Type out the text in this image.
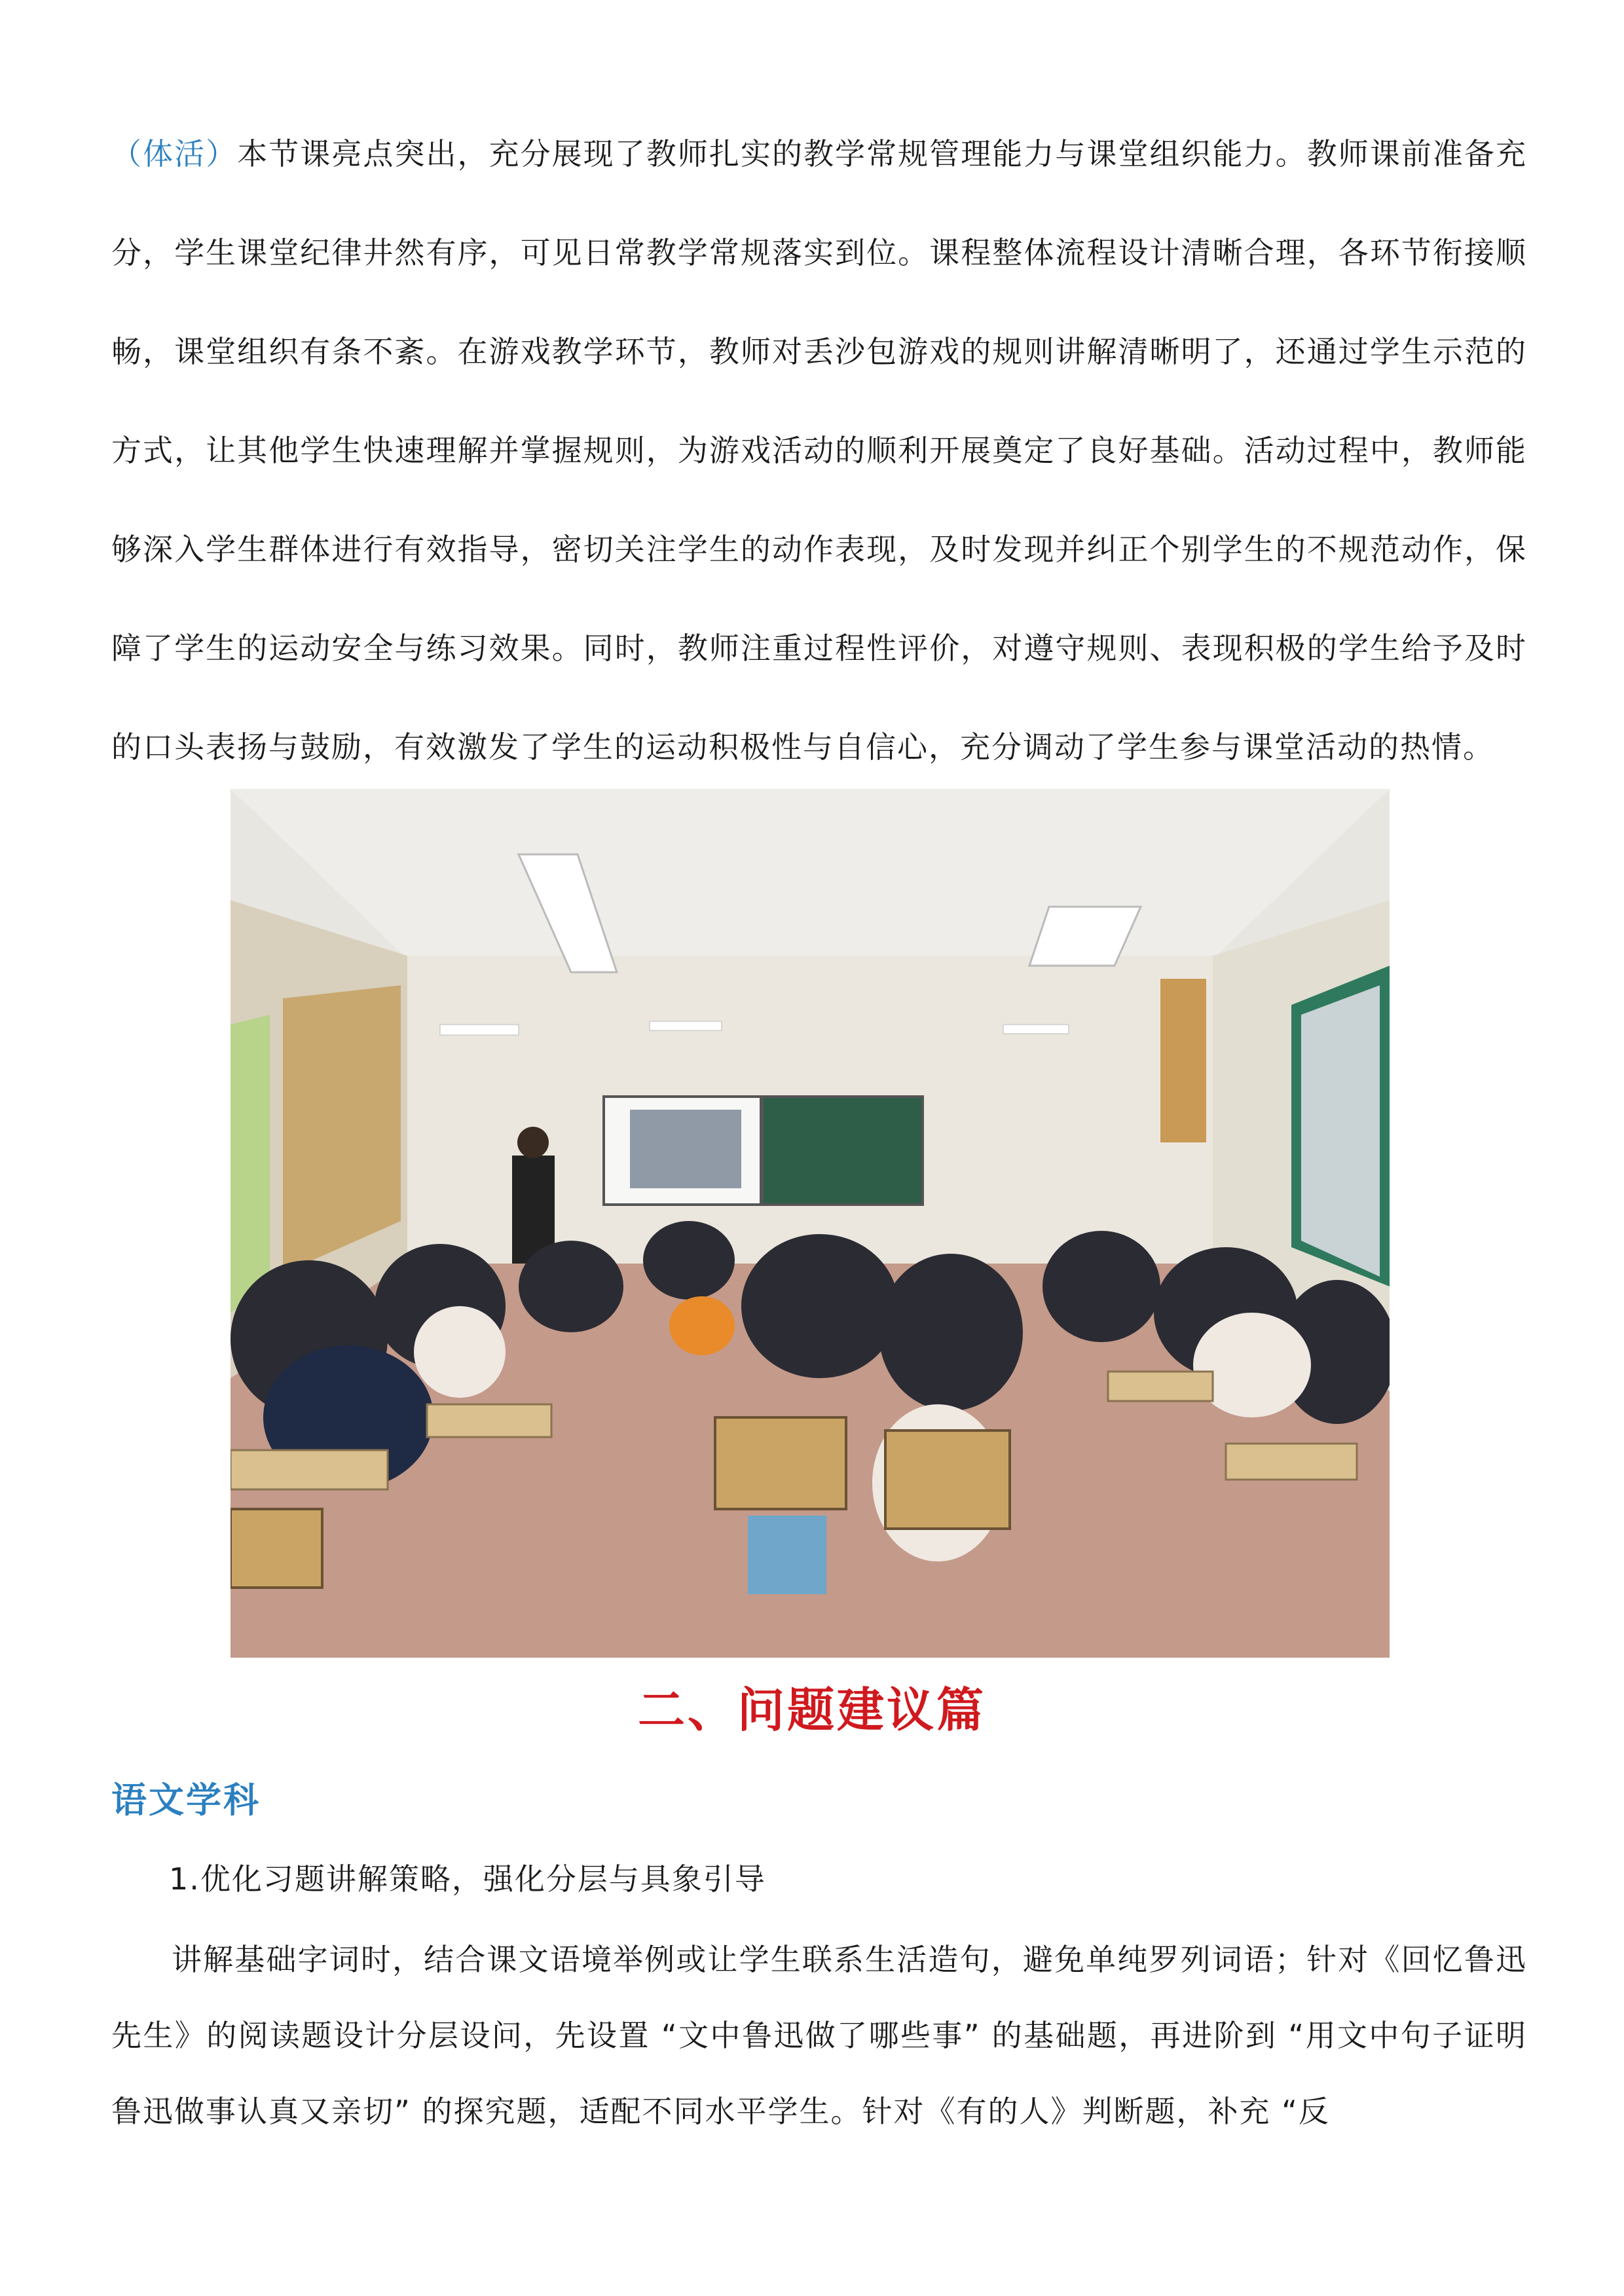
（体活）本节课亮点突出，充分展现了教师扎实的教学常规管理能力与课堂组织能力。教师课前准备充分，学生课堂纪律井然有序，可见日常教学常规落实到位。课程整体流程设计清晰合理，各环节衔接顺畅，课堂组织有条不紊。在游戏教学环节，教师对丢沙包游戏的规则讲解清晰明了，还通过学生示范的方式，让其他学生快速理解并掌握规则，为游戏活动的顺利开展奠定了良好基础。活动过程中，教师能够深入学生群体进行有效指导，密切关注学生的动作表现，及时发现并纠正个别学生的不规范动作，保障了学生的运动安全与练习效果。同时，教师注重过程性评价，对遵守规则、表现积极的学生给予及时的口头表扬与鼓励，有效激发了学生的运动积极性与自信心，充分调动了学生参与课堂活动的热情。

二、问题建议篇
语文学科

1.优化习题讲解策略，强化分层与具象引导

讲解基础字词时，结合课文语境举例或让学生联系生活造句，避免单纯罗列词语；针对《回忆鲁迅先生》的阅读题设计分层设问，先设置 “文中鲁迅做了哪些事” 的基础题，再进阶到 “用文中句子证明鲁迅做事认真又亲切” 的探究题，适配不同水平学生。针对《有的人》判断题，补充 “反
